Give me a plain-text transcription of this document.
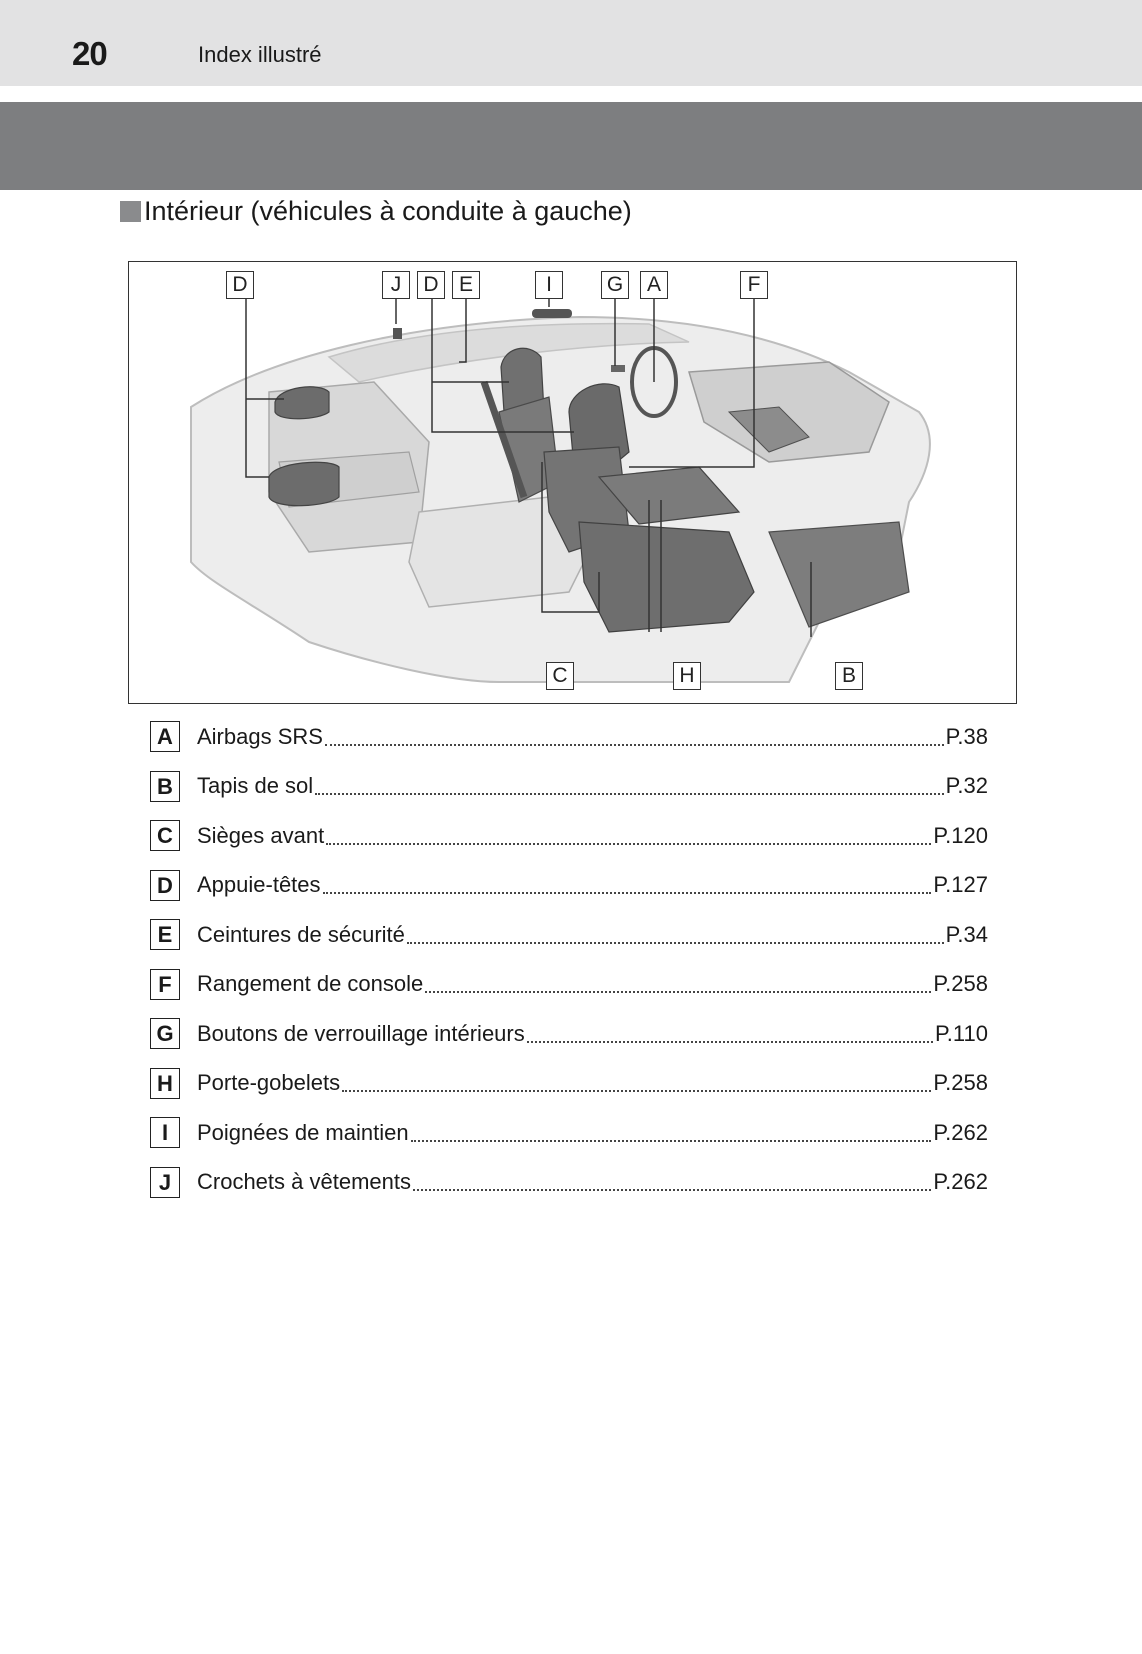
20	Index illustré
Intérieur (véhicules à conduite à gauche)
D	J	D E	I	G	A	F
C	H	B
A	Airbags SRS	P.38
B	Tapis de sol	P.32
C	Sièges avant	P.120
D	Appuie-têtes	P.127
E	Ceintures de sécurité	P.34
F	Rangement de console	P.258
G Boutons de verrouillage intérieurs	P.110
H	Porte-gobelets	P.258
I	Poignées de maintien	P.262
J	Crochets à vêtements	P.262
